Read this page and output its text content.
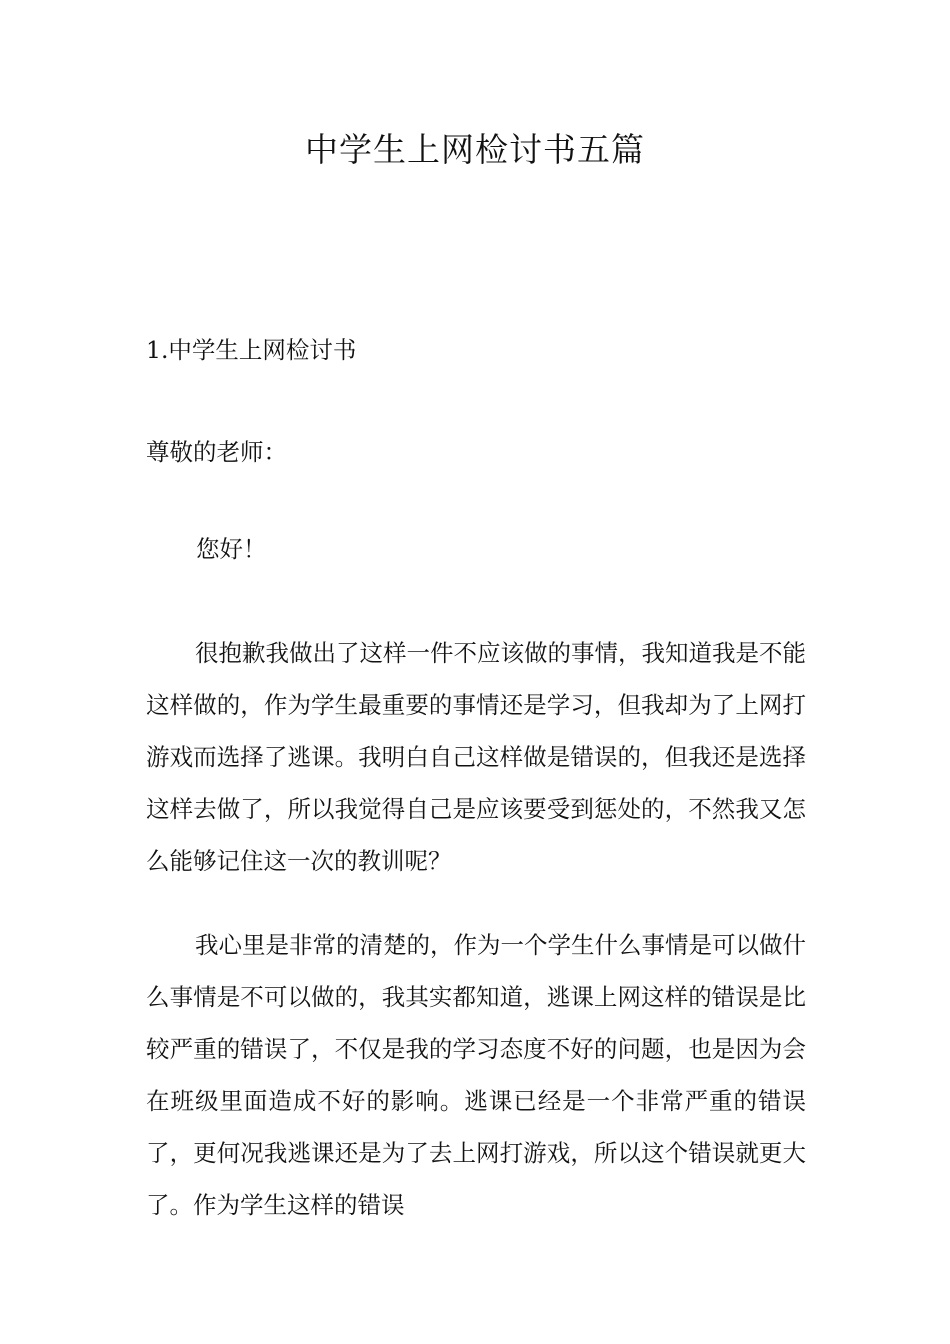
中学生上网检讨书五篇

1.中学生上网检讨书

尊敬的老师：

您好！

很抱歉我做出了这样一件不应该做的事情，我知道我是不能这样做的，作为学生最重要的事情还是学习，但我却为了上网打游戏而选择了逃课。我明白自己这样做是错误的，但我还是选择这样去做了，所以我觉得自己是应该要受到惩处的，不然我又怎么能够记住这一次的教训呢？

我心里是非常的清楚的，作为一个学生什么事情是可以做什么事情是不可以做的，我其实都知道，逃课上网这样的错误是比较严重的错误了，不仅是我的学习态度不好的问题，也是因为会在班级里面造成不好的影响。逃课已经是一个非常严重的错误了，更何况我逃课还是为了去上网打游戏，所以这个错误就更大了。作为学生这样的错误
